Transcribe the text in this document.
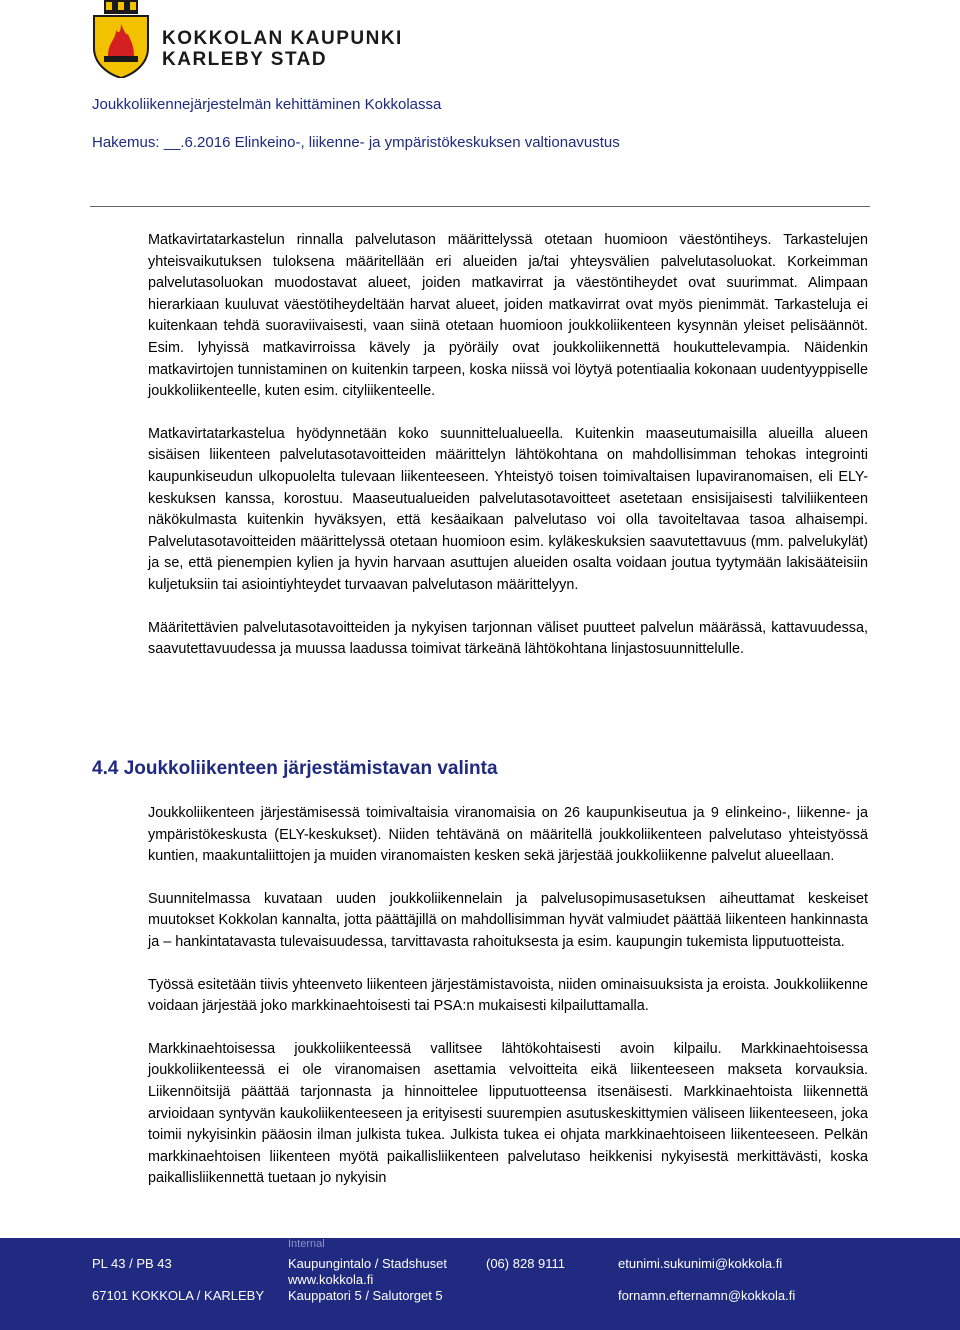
KOKKOLAN KAUPUNKI
KARLEBY STAD
Joukkoliikennejärjestelmän kehittäminen Kokkolassa
Hakemus: __.6.2016 Elinkeino-, liikenne- ja ympäristökeskuksen valtionavustus

Matkavirtatarkastelun rinnalla palvelutason määrittelyssä otetaan huomioon väestöntiheys. Tarkastelujen yhteisvaikutuksen tuloksena määritellään eri alueiden ja/tai yhteysvälien palvelutasoluokat. Korkeimman palvelutasoluokan muodostavat alueet, joiden matkavirrat ja väestöntiheydet ovat suurimmat. Alimpaan hierarkiaan kuuluvat väestötiheydeltään harvat alueet, joiden matkavirrat ovat myös pienimmät. Tarkasteluja ei kuitenkaan tehdä suoraviivaisesti, vaan siinä otetaan huomioon joukkoliikenteen kysynnän yleiset pelisäännöt. Esim. lyhyissä matkavirroissa kävely ja pyöräily ovat joukkoliikennettä houkuttelevampia. Näidenkin matkavirtojen tunnistaminen on kuitenkin tarpeen, koska niissä voi löytyä potentiaalia kokonaan uudentyyppiselle joukkoliikenteelle, kuten esim. cityliikenteelle.

Matkavirtatarkastelua hyödynnetään koko suunnittelualueella. Kuitenkin maaseutumaisilla alueilla alueen sisäisen liikenteen palvelutasotavoitteiden määrittelyn lähtökohtana on mahdollisimman tehokas integrointi kaupunkiseudun ulkopuolelta tulevaan liikenteeseen. Yhteistyö toisen toimivaltaisen lupaviranomaisen, eli ELY-keskuksen kanssa, korostuu. Maaseutualueiden palvelutasotavoitteet asetetaan ensisijaisesti talviliikenteen näkökulmasta kuitenkin hyväksyen, että kesäaikaan palvelutaso voi olla tavoiteltavaa tasoa alhaisempi. Palvelutasotavoitteiden määrittelyssä otetaan huomioon esim. kyläkeskuksien saavutettavuus (mm. palvelukylät) ja se, että pienempien kylien ja hyvin harvaan asuttujen alueiden osalta voidaan joutua tyytymään lakisääteisiin kuljetuksiin tai asiointiyhteydet turvaavan palvelutason määrittelyyn.

Määritettävien palvelutasotavoitteiden ja nykyisen tarjonnan väliset puutteet palvelun määrässä, kattavuudessa, saavutettavuudessa ja muussa laadussa toimivat tärkeänä lähtökohtana linjastosuunnittelulle.

4.4 Joukkoliikenteen järjestämistavan valinta

Joukkoliikenteen järjestämisessä toimivaltaisia viranomaisia on 26 kaupunkiseutua ja 9 elinkeino-, liikenne- ja ympäristökeskusta (ELY-keskukset). Niiden tehtävänä on määritellä joukkoliikenteen palvelutaso yhteistyössä kuntien, maakuntaliittojen ja muiden viranomaisten kesken sekä järjestää joukkoliikenne palvelut alueellaan.

Suunnitelmassa kuvataan uuden joukkoliikennelain ja palvelusopimusasetuksen aiheuttamat keskeiset muutokset Kokkolan kannalta, jotta päättäjillä on mahdollisimman hyvät valmiudet päättää liikenteen hankinnasta ja – hankintatavasta tulevaisuudessa, tarvittavasta rahoituksesta ja esim. kaupungin tukemista lipputuotteista.

Työssä esitetään tiivis yhteenveto liikenteen järjestämistavoista, niiden ominaisuuksista ja eroista. Joukkoliikenne voidaan järjestää joko markkinaehtoisesti tai PSA:n mukaisesti kilpailuttamalla.

Markkinaehtoisessa joukkoliikenteessä vallitsee lähtökohtaisesti avoin kilpailu. Markkinaehtoisessa joukkoliikenteessä ei ole viranomaisen asettamia velvoitteita eikä liikenteeseen makseta korvauksia. Liikennöitsijä päättää tarjonnasta ja hinnoittelee lipputuotteensa itsenäisesti. Markkinaehtoista liikennettä arvioidaan syntyvän kaukoliikenteeseen ja erityisesti suurempien asutuskeskittymien väliseen liikenteeseen, joka toimii nykyisinkin pääosin ilman julkista tukea. Julkista tukea ei ohjata markkinaehtoiseen liikenteeseen. Pelkän markkinaehtoisen liikenteen myötä paikallisliikenteen palvelutaso heikkenisi nykyisestä merkittävästi, koska paikallisliikennettä tuetaan jo nykyisin

Internal
PL 43 / PB 43
67101 KOKKOLA / KARLEBY
Kaupungintalo / Stadshuset
www.kokkola.fi
Kauppatori 5 / Salutorget 5
(06) 828 9111	etunimi.sukunimi@kokkola.fi
fornamn.efternamn@kokkola.fi
